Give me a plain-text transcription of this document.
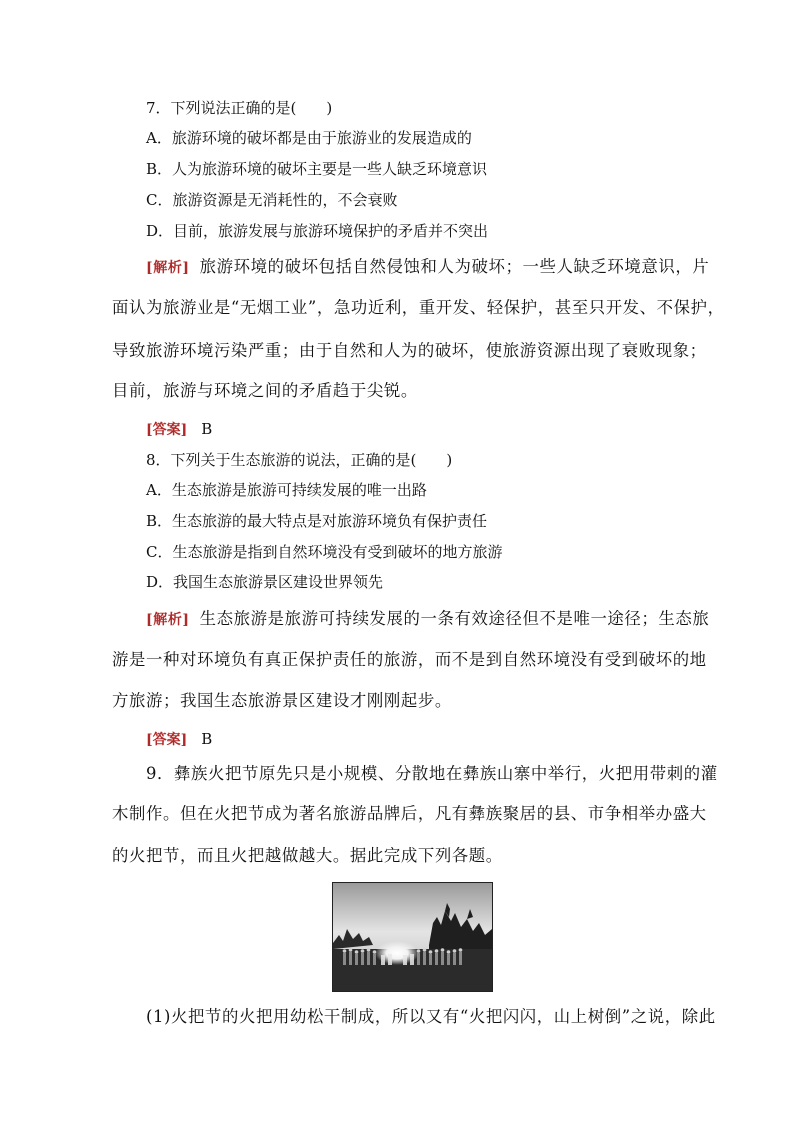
7．下列说法正确的是(　　)
A．旅游环境的破坏都是由于旅游业的发展造成的
B．人为旅游环境的破坏主要是一些人缺乏环境意识
C．旅游资源是无消耗性的，不会衰败
D．目前，旅游发展与旅游环境保护的矛盾并不突出
[解析] 旅游环境的破坏包括自然侵蚀和人为破坏；一些人缺乏环境意识，片
面认为旅游业是“无烟工业”，急功近利，重开发、轻保护，甚至只开发、不保护，
导致旅游环境污染严重；由于自然和人为的破坏，使旅游资源出现了衰败现象；
目前，旅游与环境之间的矛盾趋于尖锐。
[答案] B
8．下列关于生态旅游的说法，正确的是(　　)
A．生态旅游是旅游可持续发展的唯一出路
B．生态旅游的最大特点是对旅游环境负有保护责任
C．生态旅游是指到自然环境没有受到破坏的地方旅游
D．我国生态旅游景区建设世界领先
[解析] 生态旅游是旅游可持续发展的一条有效途径但不是唯一途径；生态旅
游是一种对环境负有真正保护责任的旅游，而不是到自然环境没有受到破坏的地
方旅游；我国生态旅游景区建设才刚刚起步。
[答案] B
9．彝族火把节原先只是小规模、分散地在彝族山寨中举行，火把用带刺的灌
木制作。但在火把节成为著名旅游品牌后，凡有彝族聚居的县、市争相举办盛大
的火把节，而且火把越做越大。据此完成下列各题。
(1)火把节的火把用幼松干制成，所以又有“火把闪闪，山上树倒”之说，除此
